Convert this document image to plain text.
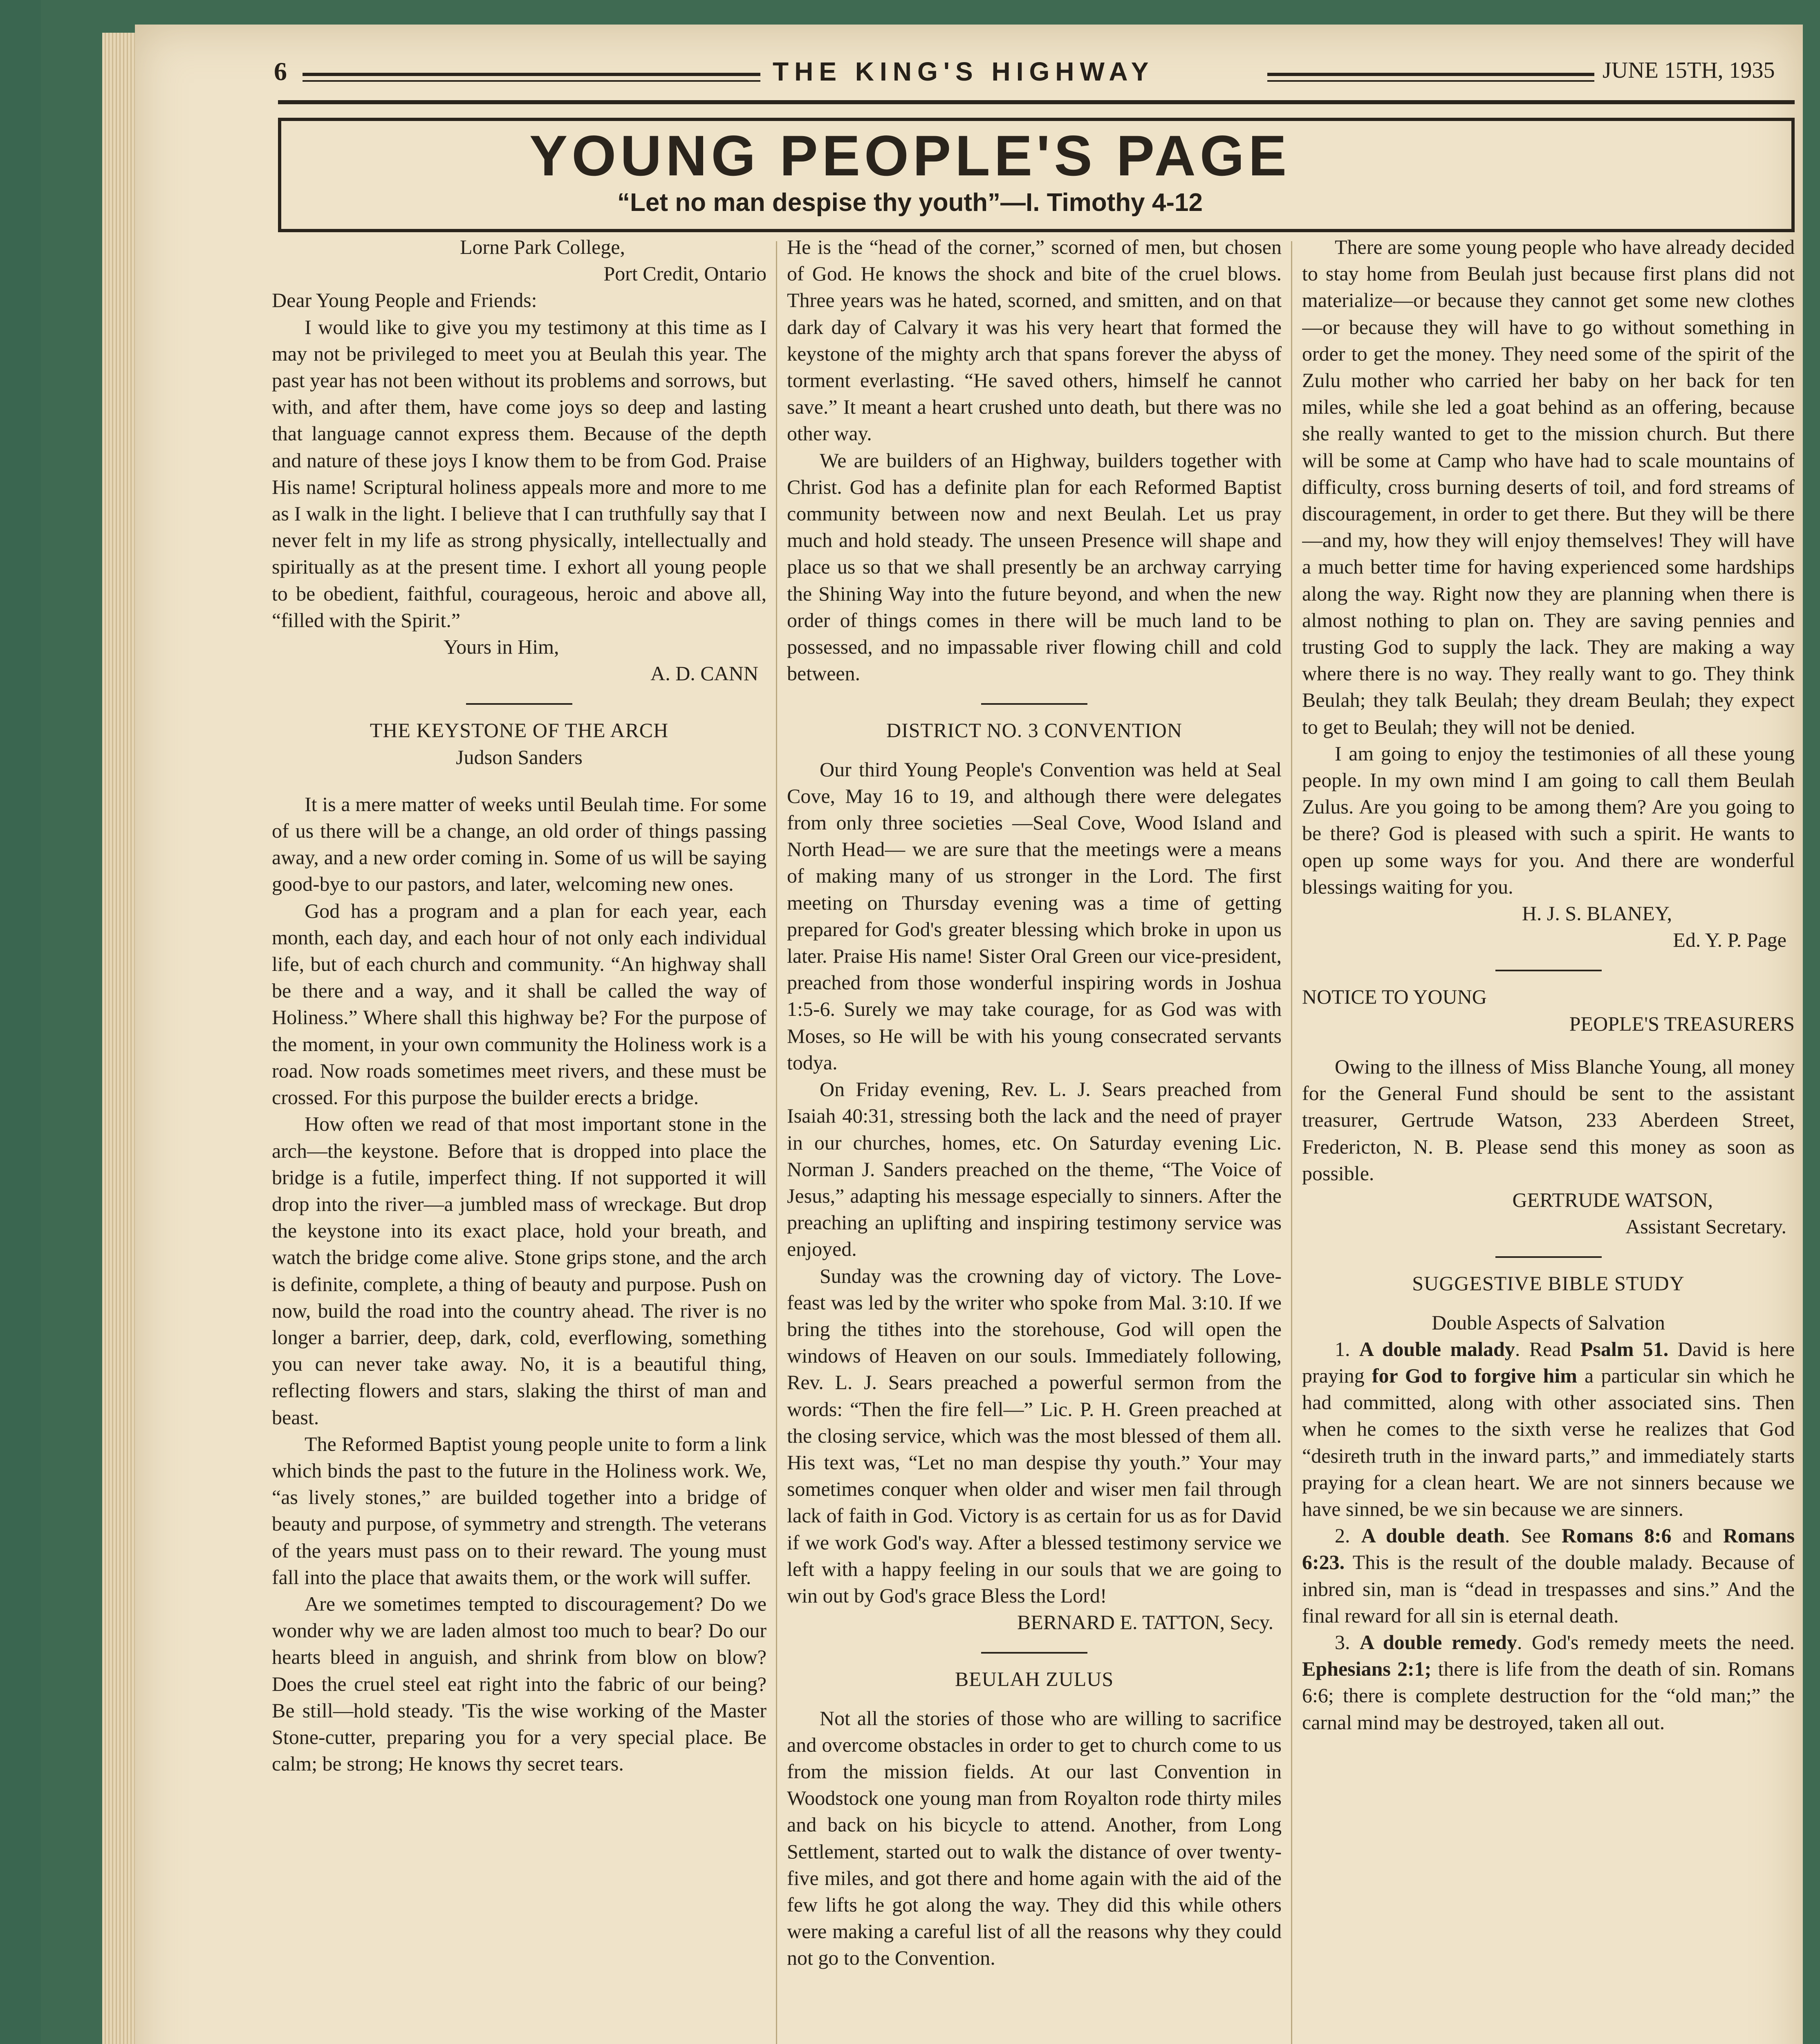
6	THE KING'S HIGHWAY	JUNE 15TH, 1935
YOUNG PEOPLE'S PAGE
“Let no man despise thy youth”—I. Timothy 4-12

Lorne Park College,

Port Credit, Ontario

Dear Young People and Friends:

I would like to give you my testimony at this time as I may not be privileged to meet you at Beulah this year. The past year has not been without its problems and sorrows, but with, and after them, have come joys so deep and lasting that language cannot express them. Because of the depth and nature of these joys I know them to be from God. Praise His name! Scriptural holiness appeals more and more to me as I walk in the light. I believe that I can truthfully say that I never felt in my life as strong physically, intellectually and spiritually as at the present time. I exhort all young people to be obedient, faithful, courageous, heroic and above all, “filled with the Spirit.”

Yours in Him,

A. D. CANN

THE KEYSTONE OF THE ARCH

Judson Sanders

It is a mere matter of weeks until Beulah time. For some of us there will be a change, an old order of things passing away, and a new order coming in. Some of us will be saying good-bye to our pastors, and later, welcoming new ones.

God has a program and a plan for each year, each month, each day, and each hour of not only each individual life, but of each church and community. “An highway shall be there and a way, and it shall be called the way of Holiness.” Where shall this highway be? For the purpose of the moment, in your own community the Holiness work is a road. Now roads sometimes meet rivers, and these must be crossed. For this purpose the builder erects a bridge.

How often we read of that most important stone in the arch—the keystone. Before that is dropped into place the bridge is a futile, imperfect thing. If not supported it will drop into the river—a jumbled mass of wreckage. But drop the keystone into its exact place, hold your breath, and watch the bridge come alive. Stone grips stone, and the arch is definite, complete, a thing of beauty and purpose. Push on now, build the road into the country ahead. The river is no longer a barrier, deep, dark, cold, everflowing, something you can never take away. No, it is a beautiful thing, reflecting flowers and stars, slaking the thirst of man and beast.

The Reformed Baptist young people unite to form a link which binds the past to the future in the Holiness work. We, “as lively stones,” are builded together into a bridge of beauty and purpose, of symmetry and strength. The veterans of the years must pass on to their reward. The young must fall into the place that awaits them, or the work will suffer.

Are we sometimes tempted to discouragement? Do we wonder why we are laden almost too much to bear? Do our hearts bleed in anguish, and shrink from blow on blow? Does the cruel steel eat right into the fabric of our being? Be still—hold steady. 'Tis the wise working of the Master Stone-cutter, preparing you for a very special place. Be calm; be strong; He knows thy secret tears.

He is the “head of the corner,” scorned of men, but chosen of God. He knows the shock and bite of the cruel blows. Three years was he hated, scorned, and smitten, and on that dark day of Calvary it was his very heart that formed the keystone of the mighty arch that spans forever the abyss of torment everlasting. “He saved others, himself he cannot save.” It meant a heart crushed unto death, but there was no other way.

We are builders of an Highway, builders together with Christ. God has a definite plan for each Reformed Baptist community between now and next Beulah. Let us pray much and hold steady. The unseen Presence will shape and place us so that we shall presently be an archway carrying the Shining Way into the future beyond, and when the new order of things comes in there will be much land to be possessed, and no impassable river flowing chill and cold between.

DISTRICT NO. 3 CONVENTION

Our third Young People's Convention was held at Seal Cove, May 16 to 19, and although there were delegates from only three societies —Seal Cove, Wood Island and North Head— we are sure that the meetings were a means of making many of us stronger in the Lord. The first meeting on Thursday evening was a time of getting prepared for God's greater blessing which broke in upon us later. Praise His name! Sister Oral Green our vice-president, preached from those wonderful inspiring words in Joshua 1:5-6. Surely we may take courage, for as God was with Moses, so He will be with his young consecrated servants todya.

On Friday evening, Rev. L. J. Sears preached from Isaiah 40:31, stressing both the lack and the need of prayer in our churches, homes, etc. On Saturday evening Lic. Norman J. Sanders preached on the theme, “The Voice of Jesus,” adapting his message especially to sinners. After the preaching an uplifting and inspiring testimony service was enjoyed.

Sunday was the crowning day of victory. The Love-feast was led by the writer who spoke from Mal. 3:10. If we bring the tithes into the storehouse, God will open the windows of Heaven on our souls. Immediately following, Rev. L. J. Sears preached a powerful sermon from the words: “Then the fire fell—” Lic. P. H. Green preached at the closing service, which was the most blessed of them all. His text was, “Let no man despise thy youth.” Your may sometimes conquer when older and wiser men fail through lack of faith in God. Victory is as certain for us as for David if we work God's way. After a blessed testimony service we left with a happy feeling in our souls that we are going to win out by God's grace Bless the Lord!

BERNARD E. TATTON, Secy.

BEULAH ZULUS

Not all the stories of those who are willing to sacrifice and overcome obstacles in order to get to church come to us from the mission fields. At our last Convention in Woodstock one young man from Royalton rode thirty miles and back on his bicycle to attend. Another, from Long Settlement, started out to walk the distance of over twenty-five miles, and got there and home again with the aid of the few lifts he got along the way. They did this while others were making a careful list of all the reasons why they could not go to the Convention.

There are some young people who have already decided to stay home from Beulah just because first plans did not materialize—or because they cannot get some new clothes —or because they will have to go without something in order to get the money. They need some of the spirit of the Zulu mother who carried her baby on her back for ten miles, while she led a goat behind as an offering, because she really wanted to get to the mission church. But there will be some at Camp who have had to scale mountains of difficulty, cross burning deserts of toil, and ford streams of discouragement, in order to get there. But they will be there—and my, how they will enjoy themselves! They will have a much better time for having experienced some hardships along the way. Right now they are planning when there is almost nothing to plan on. They are saving pennies and trusting God to supply the lack. They are making a way where there is no way. They really want to go. They think Beulah; they talk Beulah; they dream Beulah; they expect to get to Beulah; they will not be denied.

I am going to enjoy the testimonies of all these young people. In my own mind I am going to call them Beulah Zulus. Are you going to be among them? Are you going to be there? God is pleased with such a spirit. He wants to open up some ways for you. And there are wonderful blessings waiting for you.

H. J. S. BLANEY,

Ed. Y. P. Page

NOTICE TO YOUNG

PEOPLE'S TREASURERS

Owing to the illness of Miss Blanche Young, all money for the General Fund should be sent to the assistant treasurer, Gertrude Watson, 233 Aberdeen Street, Fredericton, N. B. Please send this money as soon as possible.

GERTRUDE WATSON,

Assistant Secretary.

SUGGESTIVE BIBLE STUDY

Double Aspects of Salvation

1. A double malady. Read Psalm 51. David is here praying for God to forgive him a particular sin which he had committed, along with other associated sins. Then when he comes to the sixth verse he realizes that God “desireth truth in the inward parts,” and immediately starts praying for a clean heart. We are not sinners because we have sinned, be we sin because we are sinners.

2. A double death. See Romans 8:6 and Romans 6:23. This is the result of the double malady. Because of inbred sin, man is “dead in trespasses and sins.” And the final reward for all sin is eternal death.

3. A double remedy. God's remedy meets the need. Ephesians 2:1; there is life from the death of sin. Romans 6:6; there is complete destruction for the “old man;” the carnal mind may be destroyed, taken all out.
